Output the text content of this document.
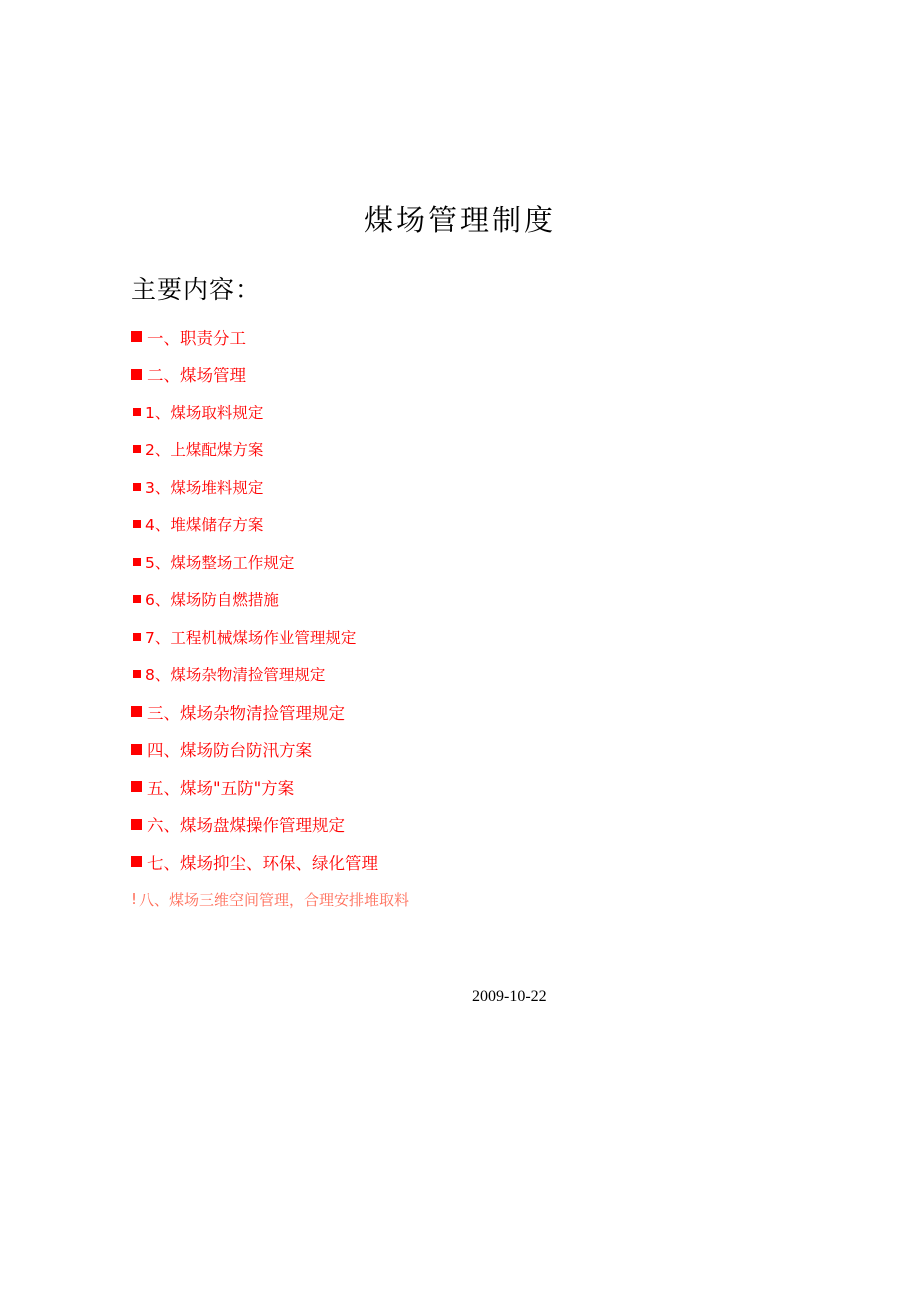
煤场管理制度
主要内容：
一、职责分工
二、煤场管理
1、煤场取料规定
2、上煤配煤方案
3、煤场堆料规定
4、堆煤储存方案
5、煤场整场工作规定
6、煤场防自燃措施
7、工程机械煤场作业管理规定
8、煤场杂物清捡管理规定
三、煤场杂物清捡管理规定
四、煤场防台防汛方案
五、煤场"五防"方案
六、煤场盘煤操作管理规定
七、煤场抑尘、环保、绿化管理
! 八、煤场三维空间管理，合理安排堆取料
2009-10-22
